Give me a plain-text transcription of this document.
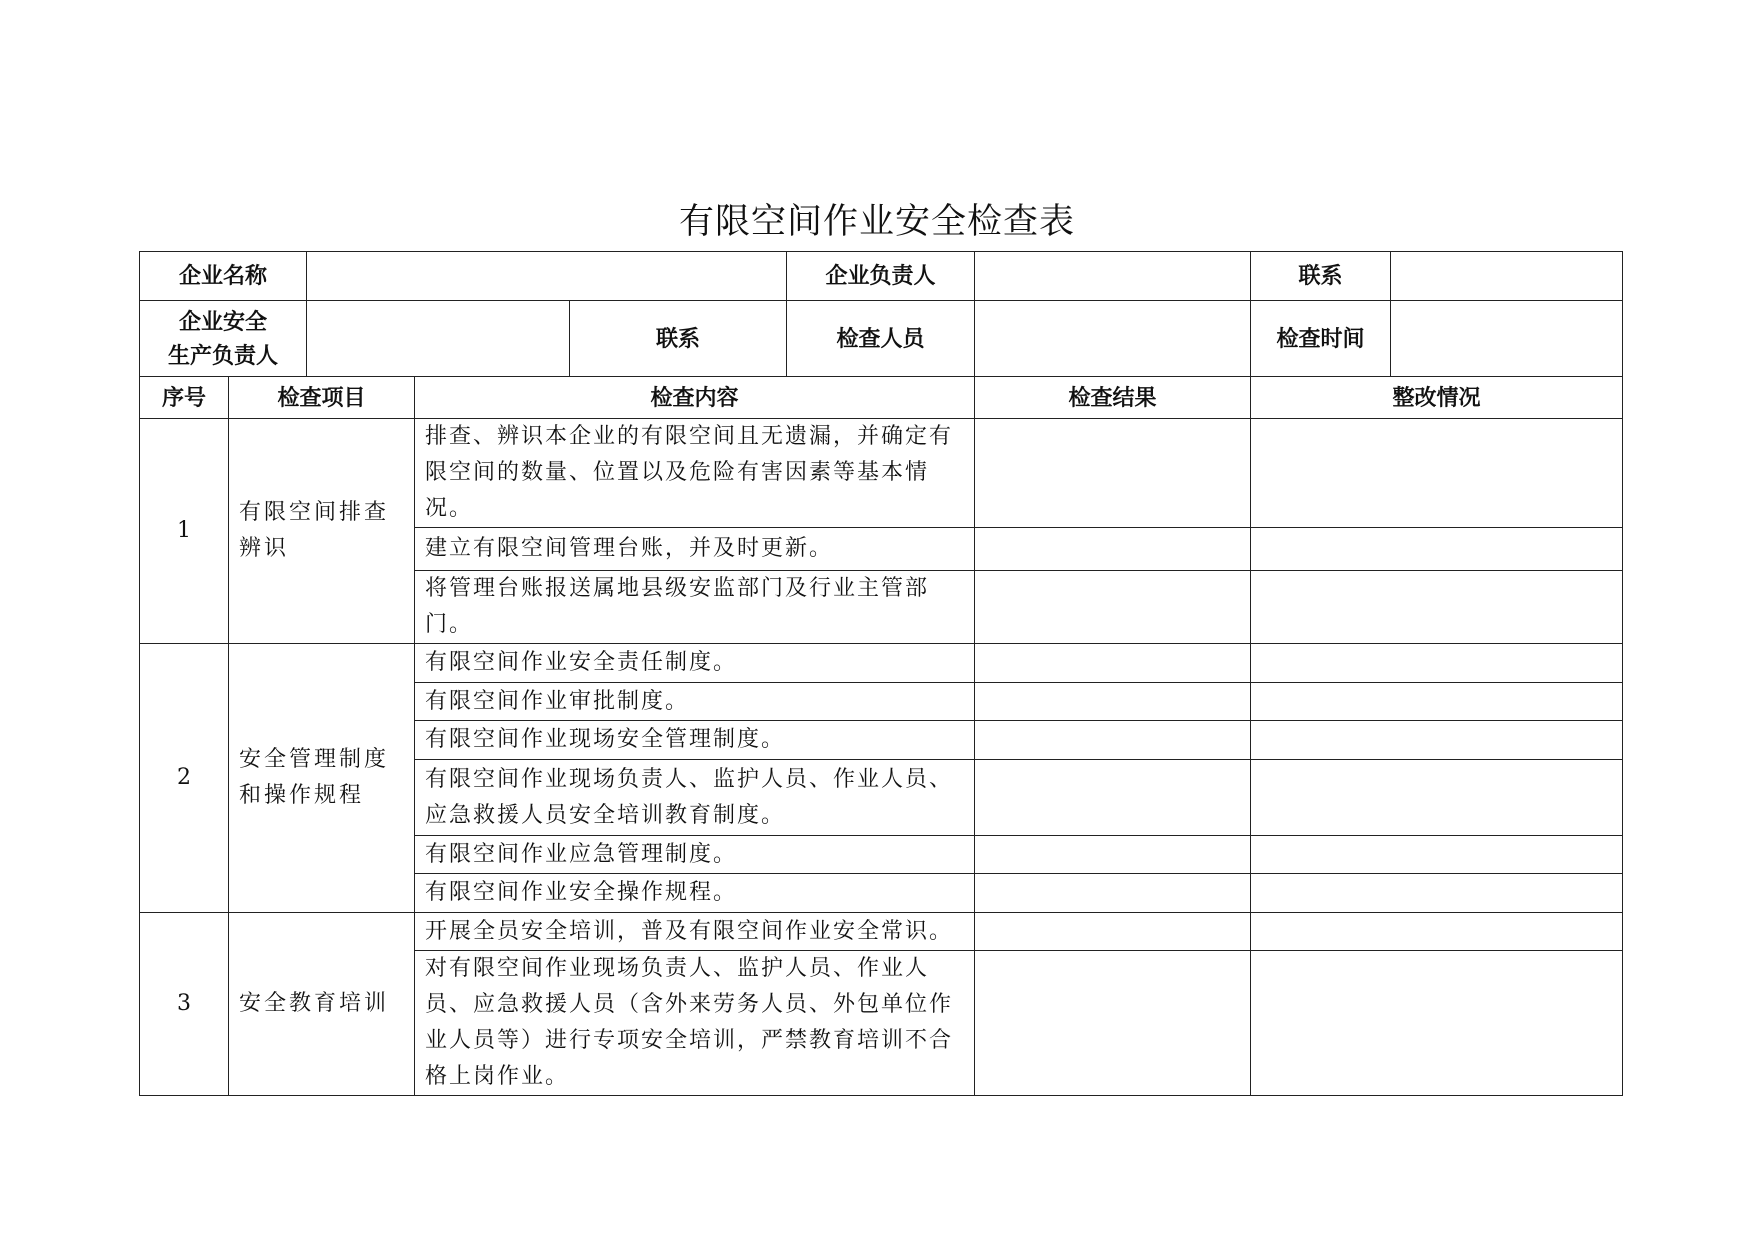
有限空间作业安全检查表
企业名称					企业负责人		联系	
企业安全
生产负责人				联系	检查人员		检查时间	
序号	检查项目		检查内容			检查结果	整改情况	
1	有限空间排查辨识		排查、辨识本企业的有限空间且无遗漏，并确定有限空间的数量、位置以及危险有害因素等基本情况。					
			建立有限空间管理台账，并及时更新。					
			将管理台账报送属地县级安监部门及行业主管部门。					
2	安全管理制度和操作规程		有限空间作业安全责任制度。					
			有限空间作业审批制度。					
			有限空间作业现场安全管理制度。					
			有限空间作业现场负责人、监护人员、作业人员、应急救援人员安全培训教育制度。					
			有限空间作业应急管理制度。					
			有限空间作业安全操作规程。					
3	安全教育培训		开展全员安全培训，普及有限空间作业安全常识。					
			对有限空间作业现场负责人、监护人员、作业人员、应急救援人员（含外来劳务人员、外包单位作业人员等）进行专项安全培训，严禁教育培训不合格上岗作业。					
